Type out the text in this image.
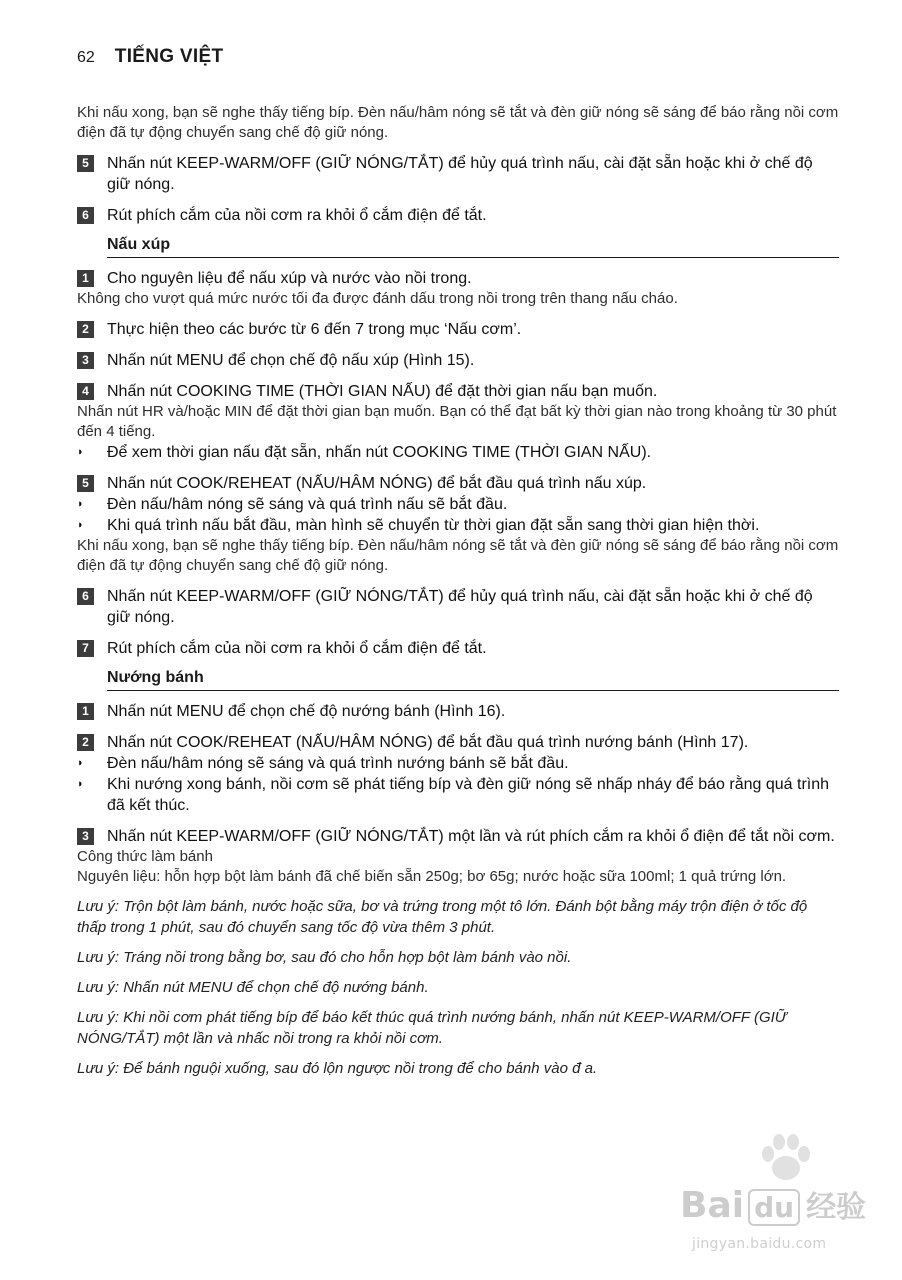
62 TIẾNG VIỆT
Khi nấu xong, bạn sẽ nghe thấy tiếng bíp. Đèn nấu/hâm nóng sẽ tắt và đèn giữ nóng sẽ sáng để báo rằng nồi cơm điện đã tự động chuyển sang chế độ giữ nóng.
5	Nhấn nút KEEP-WARM/OFF (GIỮ NÓNG/TẮT) để hủy quá trình nấu, cài đặt sẵn hoặc khi ở chế độ giữ nóng.
6	Rút phích cắm của nồi cơm ra khỏi ổ cắm điện để tắt.
Nấu xúp
1	Cho nguyên liệu để nấu xúp và nước vào nồi trong.
Không cho vượt quá mức nước tối đa được đánh dấu trong nồi trong trên thang nấu cháo.
2	Thực hiện theo các bước từ 6 đến 7 trong mục ‘Nấu cơm’.
3	Nhấn nút MENU để chọn chế độ nấu xúp (Hình 15).
4	Nhấn nút COOKING TIME (THỜI GIAN NẤU) để đặt thời gian nấu bạn muốn.
Nhấn nút HR và/hoặc MIN để đặt thời gian bạn muốn. Bạn có thể đạt bất kỳ thời gian nào trong khoảng từ 30 phút đến 4 tiếng.
◗	Để xem thời gian nấu đặt sẵn, nhấn nút COOKING TIME (THỜI GIAN NẤU).
5	Nhấn nút COOK/REHEAT (NẤU/HÂM NÓNG) để bắt đầu quá trình nấu xúp.
◗	Đèn nấu/hâm nóng sẽ sáng và quá trình nấu sẽ bắt đầu.
◗	Khi quá trình nấu bắt đầu, màn hình sẽ chuyển từ thời gian đặt sẵn sang thời gian hiện thời.
Khi nấu xong, bạn sẽ nghe thấy tiếng bíp. Đèn nấu/hâm nóng sẽ tắt và đèn giữ nóng sẽ sáng để báo rằng nồi cơm điện đã tự động chuyển sang chế độ giữ nóng.
6	Nhấn nút KEEP-WARM/OFF (GIỮ NÓNG/TẮT) để hủy quá trình nấu, cài đặt sẵn hoặc khi ở chế độ giữ nóng.
7	Rút phích cắm của nồi cơm ra khỏi ổ cắm điện để tắt.
Nướng bánh
1	Nhấn nút MENU để chọn chế độ nướng bánh (Hình 16).
2	Nhấn nút COOK/REHEAT (NẤU/HÂM NÓNG) để bắt đầu quá trình nướng bánh (Hình 17).
◗	Đèn nấu/hâm nóng sẽ sáng và quá trình nướng bánh sẽ bắt đầu.
◗	Khi nướng xong bánh, nồi cơm sẽ phát tiếng bíp và đèn giữ nóng sẽ nhấp nháy để báo rằng quá trình đã kết thúc.
3	Nhấn nút KEEP-WARM/OFF (GIỮ NÓNG/TẮT) một lần và rút phích cắm ra khỏi ổ điện để tắt nồi cơm.
Công thức làm bánh
Nguyên liệu: hỗn hợp bột làm bánh đã chế biến sẵn 250g; bơ 65g; nước hoặc sữa 100ml; 1 quả trứng lớn.
Lưu ý: Trộn bột làm bánh, nước hoặc sữa, bơ và trứng trong một tô lớn. Đánh bột bằng máy trộn điện ở tốc độ thấp trong 1 phút, sau đó chuyển sang tốc độ vừa thêm 3 phút.
Lưu ý: Tráng nồi trong bằng bơ, sau đó cho hỗn hợp bột làm bánh vào nồi.
Lưu ý: Nhấn nút MENU để chọn chế độ nướng bánh.
Lưu ý: Khi nồi cơm phát tiếng bíp để báo kết thúc quá trình nướng bánh, nhấn nút KEEP-WARM/OFF (GIỮ NÓNG/TẮT) một lần và nhấc nồi trong ra khỏi nồi cơm.
Lưu ý: Để bánh nguội xuống, sau đó lộn ngược nồi trong để cho bánh vào đ a.
Bai du 经验
jingyan.baidu.com
